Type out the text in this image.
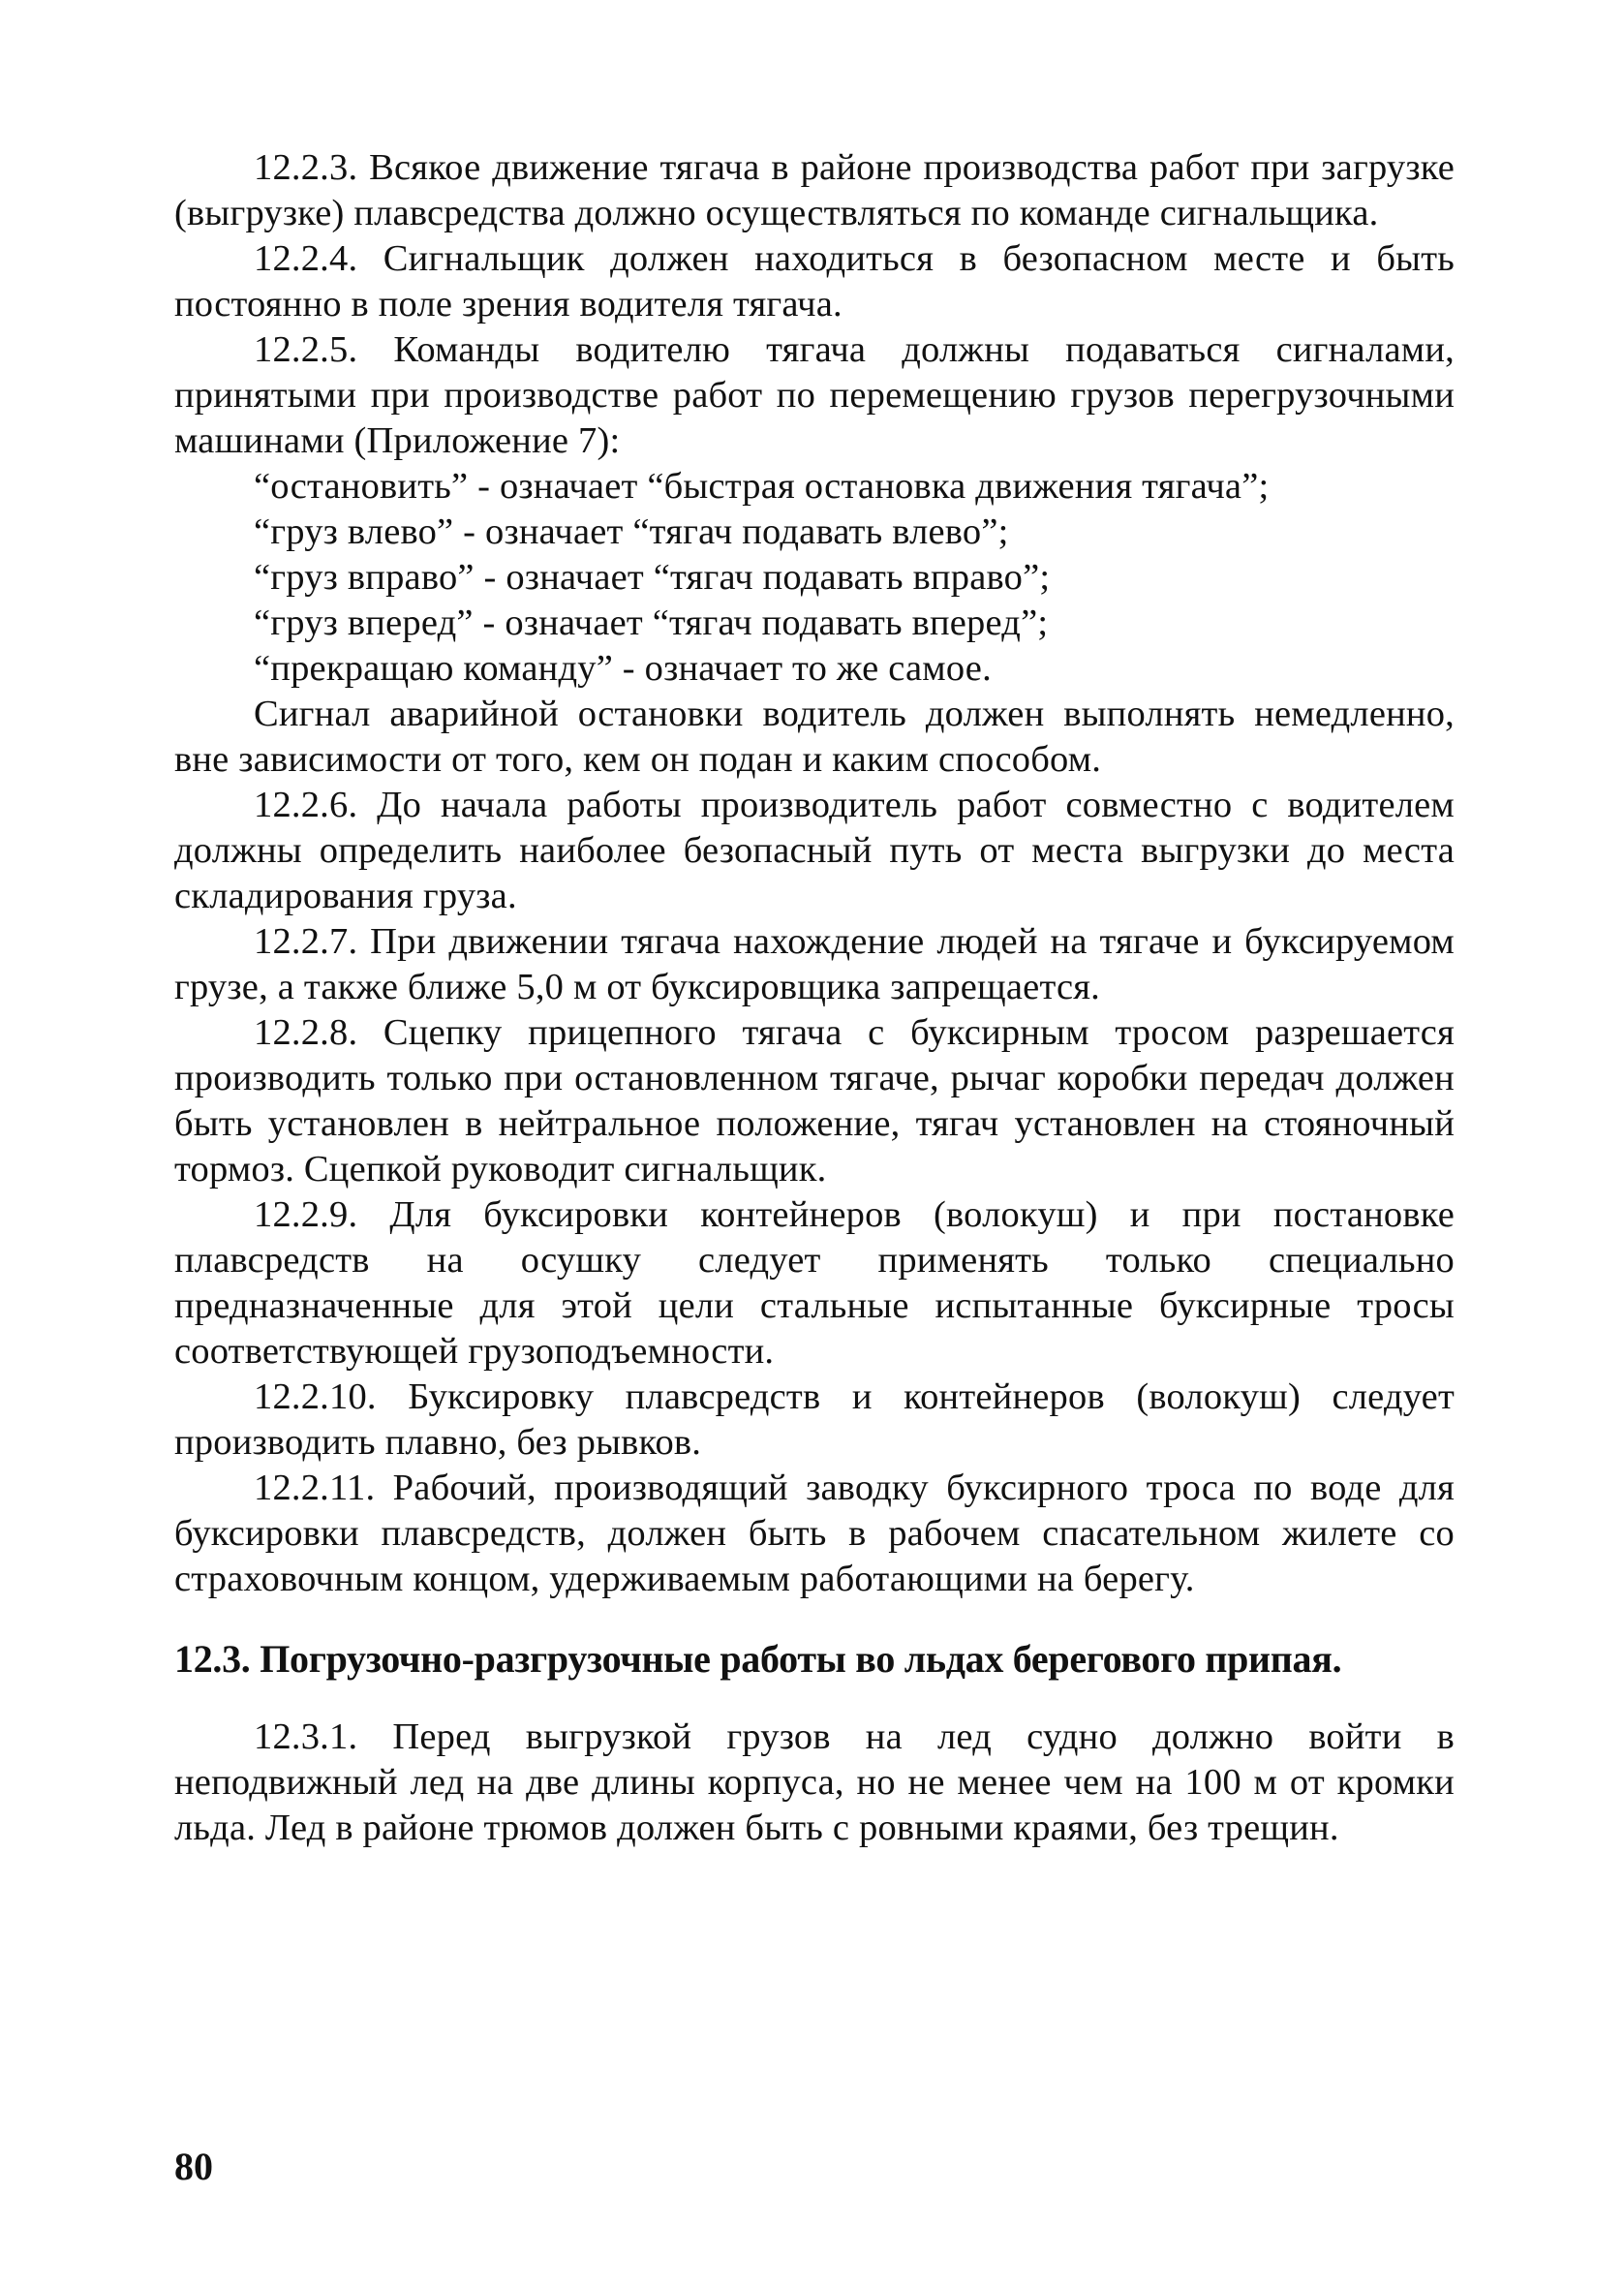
12.2.3. Всякое движение тягача в районе производства работ при загрузке (выгрузке) плавсредства должно осуществляться по команде сигнальщика.

12.2.4. Сигнальщик должен находиться в безопасном месте и быть постоянно в поле зрения водителя тягача.

12.2.5. Команды водителю тягача должны подаваться сигналами, принятыми при производстве работ по перемещению грузов перегрузочными машинами (Приложение 7):

“остановить” - означает “быстрая остановка движения тягача”;

“груз влево” - означает “тягач подавать влево”;

“груз вправо” - означает “тягач подавать вправо”;

“груз вперед” - означает “тягач подавать вперед”;

“прекращаю команду” - означает то же самое.

Сигнал аварийной остановки водитель должен выполнять немедленно, вне зависимости от того, кем он подан и каким способом.

12.2.6. До начала работы производитель работ совместно с водителем должны определить наиболее безопасный путь от места выгрузки до места складирования груза.

12.2.7. При движении тягача нахождение людей на тягаче и буксируемом грузе, а также ближе 5,0 м от буксировщика запрещается.

12.2.8. Сцепку прицепного тягача с буксирным тросом разрешается производить только при остановленном тягаче, рычаг коробки передач должен быть установлен в нейтральное положение, тягач установлен на стояночный тормоз. Сцепкой руководит сигнальщик.

12.2.9. Для буксировки контейнеров (волокуш) и при постановке плавсредств на осушку следует применять только специально предназначенные для этой цели стальные испытанные буксирные тросы соответствующей грузоподъемности.

12.2.10. Буксировку плавсредств и контейнеров (волокуш) следует производить плавно, без рывков.

12.2.11. Рабочий, производящий заводку буксирного троса по воде для буксировки плавсредств, должен быть в рабочем спасательном жилете со страховочным концом, удерживаемым работающими на берегу.

12.3. Погрузочно-разгрузочные работы во льдах берегового припая.

12.3.1. Перед выгрузкой грузов на лед судно должно войти в неподвижный лед на две длины корпуса, но не менее чем на 100 м от кромки льда. Лед в районе трюмов должен быть с ровными краями, без трещин.

80
